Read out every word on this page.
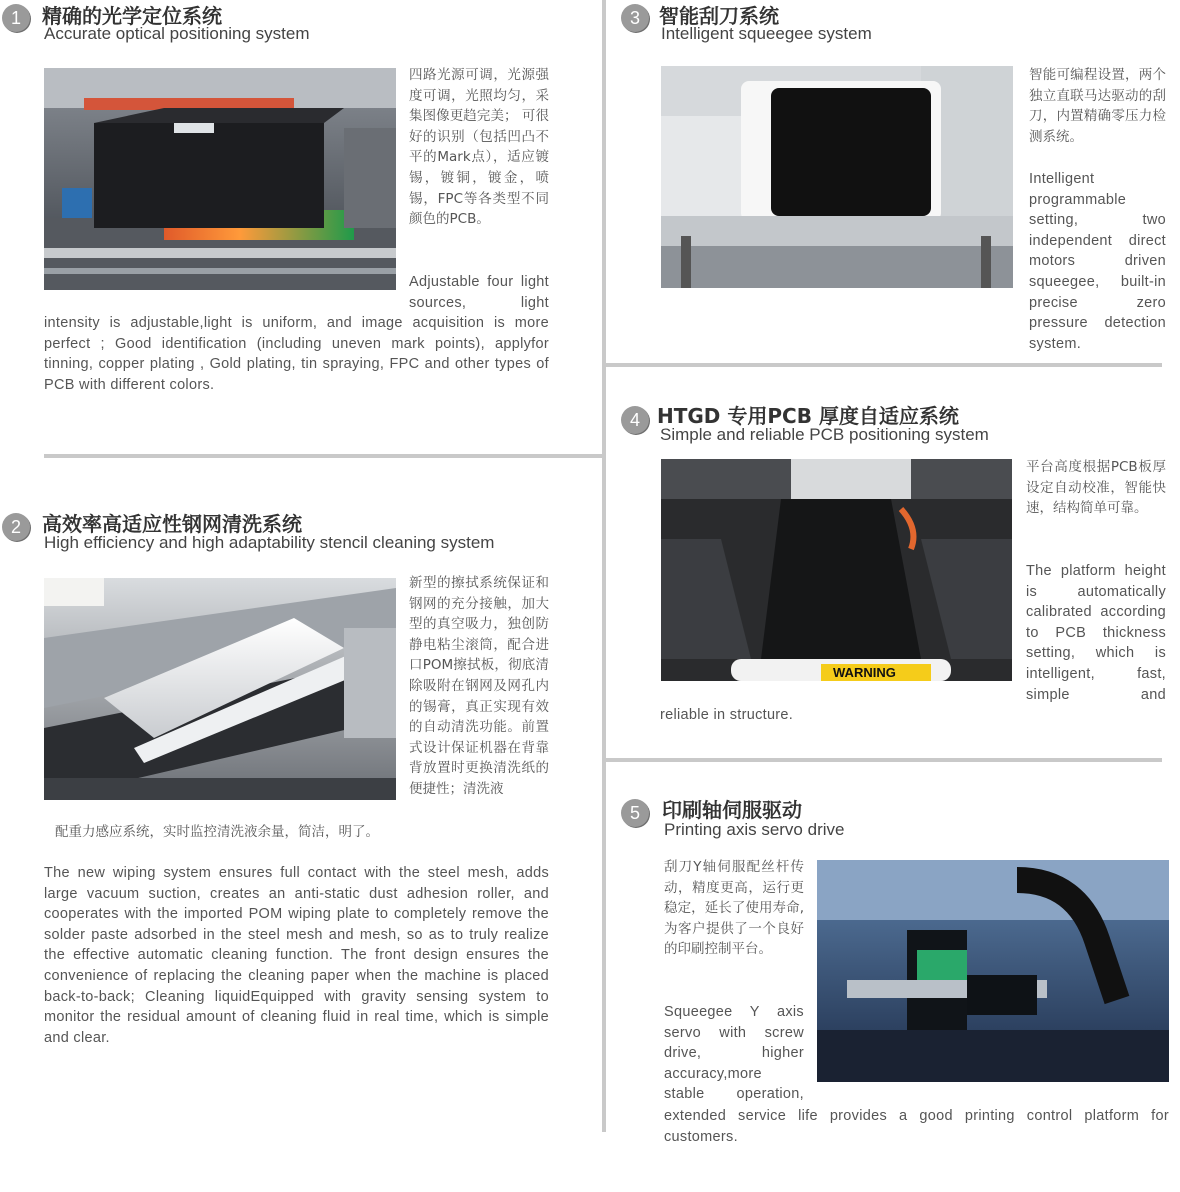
1	精确的光学定位系统
Accurate optical positioning system
四路光源可调，光源强度可调，光照均匀，采集图像更趋完美； 可很好的识别（包括凹凸不平的Mark点），适应镀锡，镀铜，镀金，喷锡，FPC等各类型不同颜色的PCB。
Adjustable four light sources, light
intensity is adjustable,light is uniform, and image acquisition is more perfect ; Good identification (including uneven mark points), applyfor tinning, copper plating , Gold plating, tin spraying, FPC and other types of PCB with different colors.
2	高效率高适应性钢网清洗系统
High efficiency and high adaptability stencil cleaning system
新型的擦拭系统保证和钢网的充分接触，加大型的真空吸力，独创防静电粘尘滚筒，配合进口POM擦拭板，彻底清除吸附在钢网及网孔内的锡膏，真正实现有效的自动清洗功能。前置式设计保证机器在背靠背放置时更换清洗纸的便捷性；清洗液
配重力感应系统，实时监控清洗液余量，简洁，明了。
The new wiping system ensures full contact with the steel mesh, adds large vacuum suction, creates an anti-static dust adhesion roller, and cooperates with the imported POM wiping plate to completely remove the solder paste adsorbed in the steel mesh and mesh, so as to truly realize the effective automatic cleaning function. The front design ensures the convenience of replacing the cleaning paper when the machine is placed back-to-back; Cleaning liquidEquipped with gravity sensing system to monitor the residual amount of cleaning fluid in real time, which is simple and clear.
3 智能刮刀系统
Intelligent squeegee system
智能可编程设置，两个独立直联马达驱动的刮刀，内置精确零压力检测系统。
Intelligent programmable setting, two independent direct motors driven squeegee, built-in precise zero pressure detection system.
4 HTGD 专用PCB 厚度自适应系统
Simple and reliable PCB positioning system
WARNING
平台高度根据PCB板厚设定自动校准，智能快速，结构简单可靠。
The platform height is automatically calibrated according to PCB thickness setting, which is intelligent, fast, simple and
reliable in structure.
5	印刷轴伺服驱动
Printing axis servo drive
刮刀Y轴伺服配丝杆传动，精度更高，运行更稳定，延长了使用寿命,为客户提供了一个良好的印刷控制平台。
Squeegee Y axis servo with screw drive, higher accuracy,more stable operation,
extended service life provides a good printing control platform for customers.
